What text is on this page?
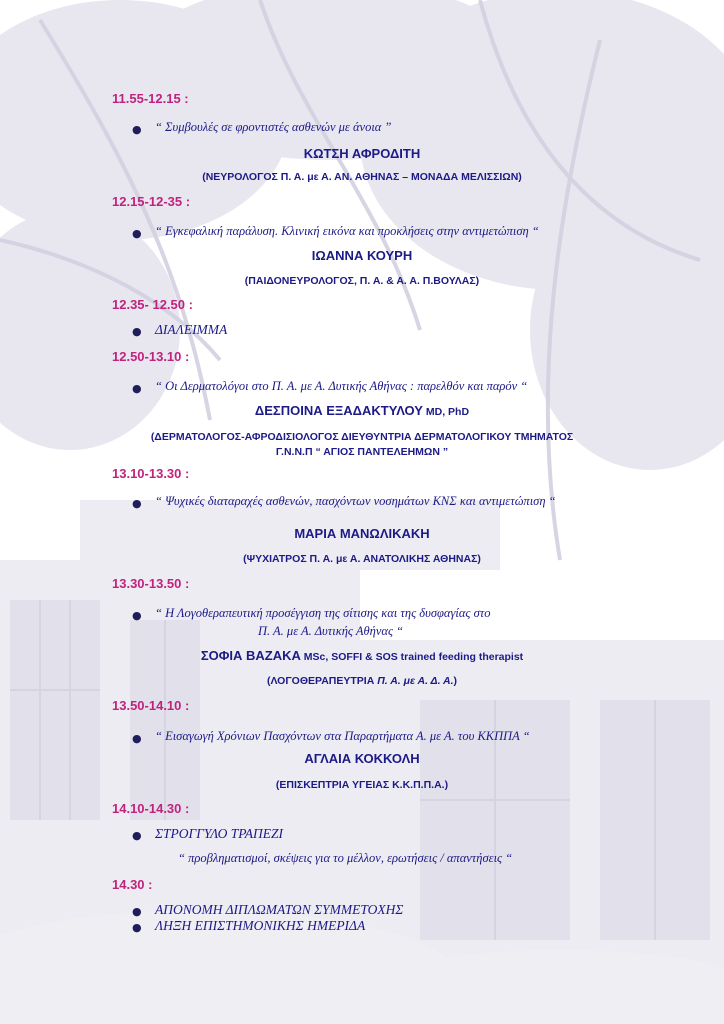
11.55-12.15 :
● “ Συμβουλές σε φροντιστές ασθενών με άνοια ”
ΚΩΤΣΗ ΑΦΡΟΔΙΤΗ
(ΝΕΥΡΟΛΟΓΟΣ Π. Α. με Α. ΑΝ. ΑΘΗΝΑΣ – ΜΟΝΑΔΑ ΜΕΛΙΣΣΙΩΝ)
12.15-12-35 :
● “ Εγκεφαλική παράλυση. Κλινική εικόνα και προκλήσεις στην αντιμετώπιση “
ΙΩΑΝΝΑ ΚΟΥΡΗ
(ΠΑΙΔΟΝΕΥΡΟΛΟΓΟΣ, Π. Α. & Α. Α. Π.ΒΟΥΛΑΣ)
12.35- 12.50 :
● ΔΙΑΛΕΙΜΜΑ
12.50-13.10 :
● “ Οι Δερματολόγοι στο Π. Α. με Α. Δυτικής Αθήνας : παρελθόν και παρόν “
ΔΕΣΠΟΙΝΑ ΕΞΑΔΑΚΤΥΛΟΥ MD, PhD
(ΔΕΡΜΑΤΟΛΟΓΟΣ-ΑΦΡΟΔΙΣΙΟΛΟΓΟΣ ΔΙΕΥΘΥΝΤΡΙΑ ΔΕΡΜΑΤΟΛΟΓΙΚΟΥ ΤΜΗΜΑΤΟΣ
Γ.Ν.Ν.Π “ ΑΓΙΟΣ ΠΑΝΤΕΛΕΗΜΩΝ ”
13.10-13.30 :
● “ Ψυχικές διαταραχές ασθενών, πασχόντων νοσημάτων ΚΝΣ και αντιμετώπιση “
ΜΑΡΙΑ ΜΑΝΩΛΙΚΑΚΗ
(ΨΥΧΙΑΤΡΟΣ Π. Α. με Α. ΑΝΑΤΟΛΙΚΗΣ ΑΘΗΝΑΣ)
13.30-13.50 :
● “ Η Λογοθεραπευτική προσέγγιση της σίτισης και της δυσφαγίας στο
Π. Α. με Α. Δυτικής Αθήνας “
ΣΟΦΙΑ ΒΑΖΑΚΑ MSc, SOFFI & SOS trained feeding therapist
(ΛΟΓΟΘΕΡΑΠΕΥΤΡΙΑ Π. Α. με Α. Δ. Α.)
13.50-14.10 :
● “ Εισαγωγή Χρόνιων Πασχόντων στα Παραρτήματα Α. με Α. του ΚΚΠΠΑ “
ΑΓΛΑΙΑ ΚΟΚΚΟΛΗ
(ΕΠΙΣΚΕΠΤΡΙΑ ΥΓΕΙΑΣ Κ.Κ.Π.Π.Α.)
14.10-14.30 :
● ΣΤΡΟΓΓΥΛΟ ΤΡΑΠΕΖΙ
“ προβληματισμοί, σκέψεις για το μέλλον, ερωτήσεις / απαντήσεις “
14.30 :
● ΑΠΟΝΟΜΗ ΔΙΠΛΩΜΑΤΩΝ ΣΥΜΜΕΤΟΧΗΣ
● ΛΗΞΗ ΕΠΙΣΤΗΜΟΝΙΚΗΣ ΗΜΕΡΙΔΑ
